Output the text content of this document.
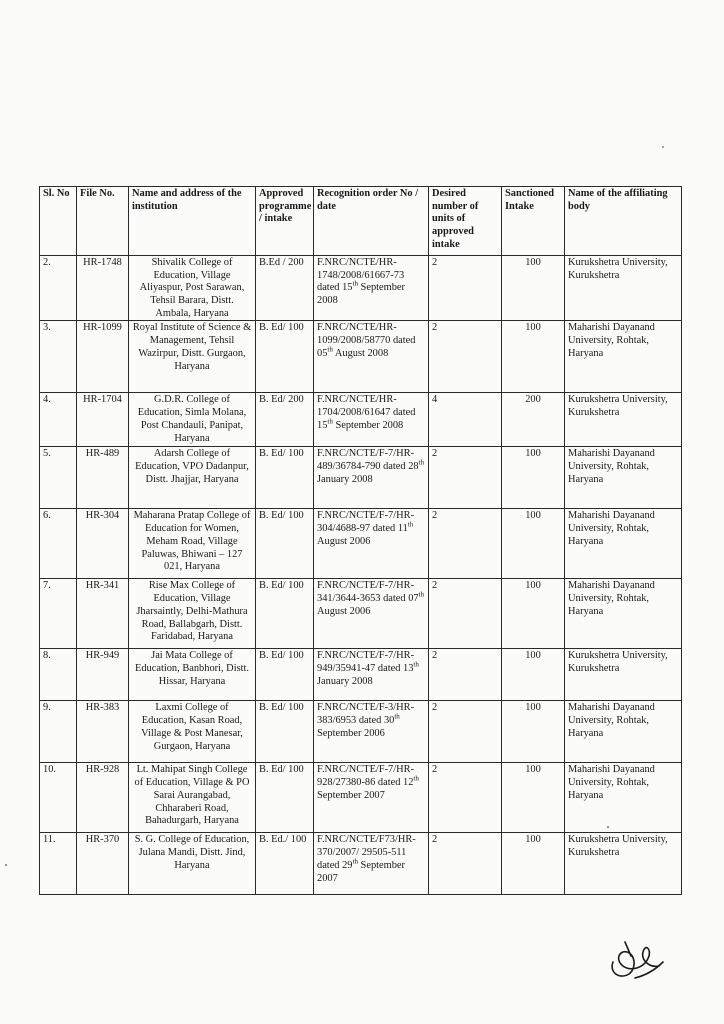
Sl. No	File No.	Name and address of the institution	Approved programme / intake	Recognition order No / date	Desired number of units of approved intake	Sanctioned Intake	Name of the affiliating body
2.	HR-1748	Shivalik College of Education, Village Aliyaspur, Post Sarawan, Tehsil Barara, Distt. Ambala, Haryana	B.Ed / 200	F.NRC/NCTE/HR-1748/2008/61667-73 dated 15th September 2008	2	100	Kurukshetra University, Kurukshetra
3.	HR-1099	Royal Institute of Science & Management, Tehsil Wazirpur, Distt. Gurgaon, Haryana	B. Ed/ 100	F.NRC/NCTE/HR-1099/2008/58770 dated 05th August 2008	2	100	Maharishi Dayanand University, Rohtak, Haryana
4.	HR-1704	G.D.R. College of Education, Simla Molana, Post Chandauli, Panipat, Haryana	B. Ed/ 200	F.NRC/NCTE/HR-1704/2008/61647 dated 15th September 2008	4	200	Kurukshetra University, Kurukshetra
5.	HR-489	Adarsh College of Education, VPO Dadanpur, Distt. Jhajjar, Haryana	B. Ed/ 100	F.NRC/NCTE/F-7/HR-489/36784-790 dated 28th January 2008	2	100	Maharishi Dayanand University, Rohtak, Haryana
6.	HR-304	Maharana Pratap College of Education for Women, Meham Road, Village Paluwas, Bhiwani – 127 021, Haryana	B. Ed/ 100	F.NRC/NCTE/F-7/HR-304/4688-97 dated 11th August 2006	2	100	Maharishi Dayanand University, Rohtak, Haryana
7.	HR-341	Rise Max College of Education, Village Jharsaintly, Delhi-Mathura Road, Ballabgarh, Distt. Faridabad, Haryana	B. Ed/ 100	F.NRC/NCTE/F-7/HR-341/3644-3653 dated 07th August 2006	2	100	Maharishi Dayanand University, Rohtak, Haryana
8.	HR-949	Jai Mata College of Education, Banbhori, Distt. Hissar, Haryana	B. Ed/ 100	F.NRC/NCTE/F-7/HR-949/35941-47 dated 13th January 2008	2	100	Kurukshetra University, Kurukshetra
9.	HR-383	Laxmi College of Education, Kasan Road, Village & Post Manesar, Gurgaon, Haryana	B. Ed/ 100	F.NRC/NCTE/F-3/HR-383/6953 dated 30th September 2006	2	100	Maharishi Dayanand University, Rohtak, Haryana
10.	HR-928	Lt. Mahipat Singh College of Education, Village & PO Sarai Aurangabad, Chharaberi Road, Bahadurgarh, Haryana	B. Ed/ 100	F.NRC/NCTE/F-7/HR-928/27380-86 dated 12th September 2007	2	100	Maharishi Dayanand University, Rohtak, Haryana
11.	HR-370	S. G. College of Education, Julana Mandi, Distt. Jind, Haryana	B. Ed./ 100	F.NRC/NCTE/F73/HR-370/2007/ 29505-511 dated 29th September 2007	2	100	Kurukshetra University, Kurukshetra
